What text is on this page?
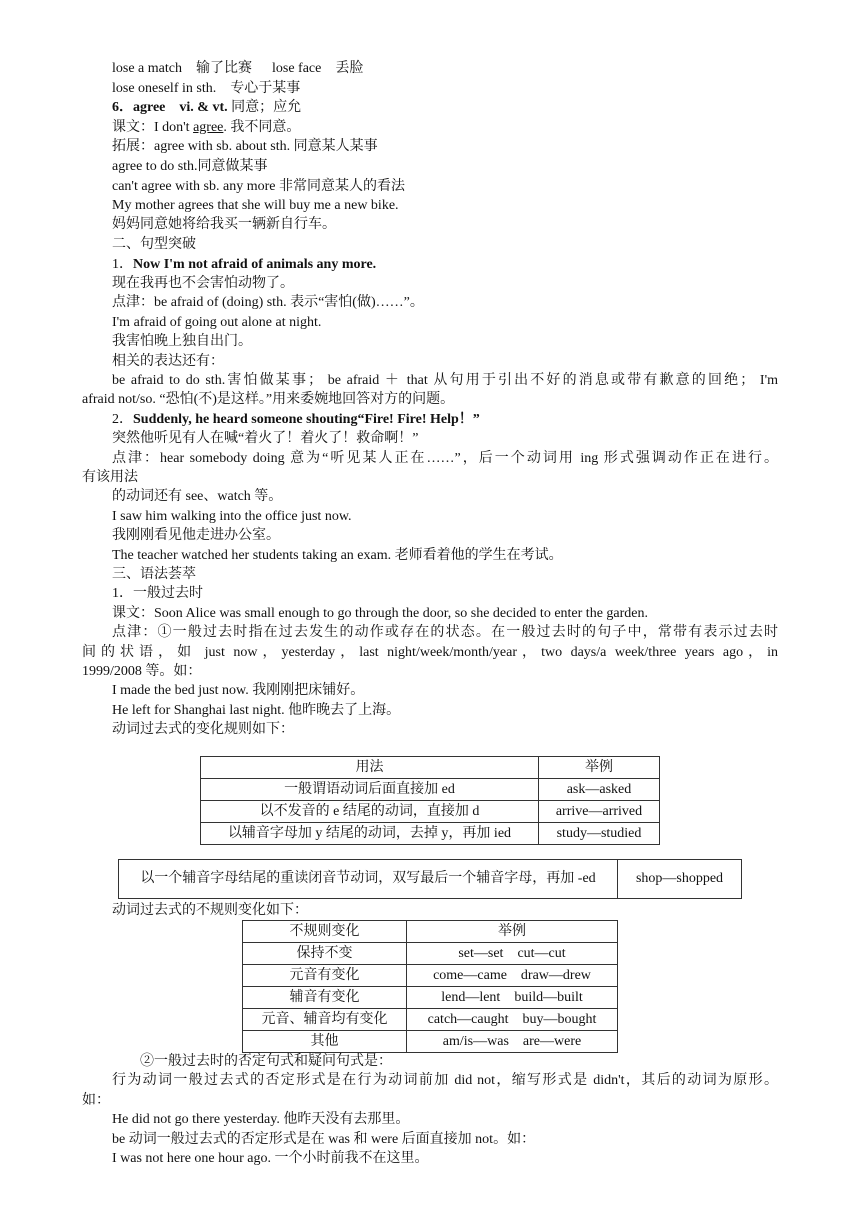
lose a match 输了比赛 lose face 丢脸
lose oneself in sth. 专心于某事
6．agree　vi. & vt. 同意；应允
课文：I don't agree. 我不同意。
拓展：agree with sb. about sth. 同意某人某事
agree to do sth.同意做某事
can't agree with sb. any more 非常同意某人的看法
My mother agrees that she will buy me a new bike.
妈妈同意她将给我买一辆新自行车。
二、句型突破
1．Now I'm not afraid of animals any more.
现在我再也不会害怕动物了。
点津：be afraid of (doing) sth. 表示“害怕(做)……”。
I'm afraid of going out alone at night.
我害怕晚上独自出门。
相关的表达还有：
be afraid to do sth.害怕做某事； be afraid ＋ that 从句用于引出不好的消息或带有歉意的回绝； I'm
afraid not/so. “恐怕(不)是这样。”用来委婉地回答对方的问题。
2．Suddenly, he heard someone shouting“Fire! Fire! Help！”
突然他听见有人在喊“着火了！着火了！救命啊！”
点津：hear somebody doing 意为“听见某人正在……”，后一个动词用 ing 形式强调动作正在进行。
有该用法
的动词还有 see、watch 等。
I saw him walking into the office just now.
我刚刚看见他走进办公室。
The teacher watched her students taking an exam. 老师看着他的学生在考试。
三、语法荟萃
1．一般过去时
课文：Soon Alice was small enough to go through the door, so she decided to enter the garden.
点津：①一般过去时指在过去发生的动作或存在的状态。在一般过去时的句子中，常带有表示过去时
间的状语，如 just now，yesterday，last night/week/month/year，two days/a week/three years ago，in
1999/2008 等。如：
I made the bed just now. 我刚刚把床铺好。
He left for Shanghai last night. 他昨晚去了上海。
动词过去式的变化规则如下：
用法	举例
一般谓语动词后面直接加 ed	ask—asked
以不发音的 e 结尾的动词，直接加 d	arrive—arrived
以辅音字母加 y 结尾的动词，去掉 y，再加 ied	study—studied
以一个辅音字母结尾的重读闭音节动词，双写最后一个辅音字母，再加 -ed	shop—shopped
动词过去式的不规则变化如下：
不规则变化	举例
保持不变	set—set　cut—cut
元音有变化	come—came　draw—drew
辅音有变化	lend—lent　build—built
元音、辅音均有变化	catch—caught　buy—bought
其他	am/is—was　are—were
②一般过去时的否定句式和疑问句式是：
行为动词一般过去式的否定形式是在行为动词前加 did not，缩写形式是 didn't，其后的动词为原形。
如：
He did not go there yesterday. 他昨天没有去那里。
be 动词一般过去式的否定形式是在 was 和 were 后面直接加 not。如：
I was not here one hour ago. 一个小时前我不在这里。
